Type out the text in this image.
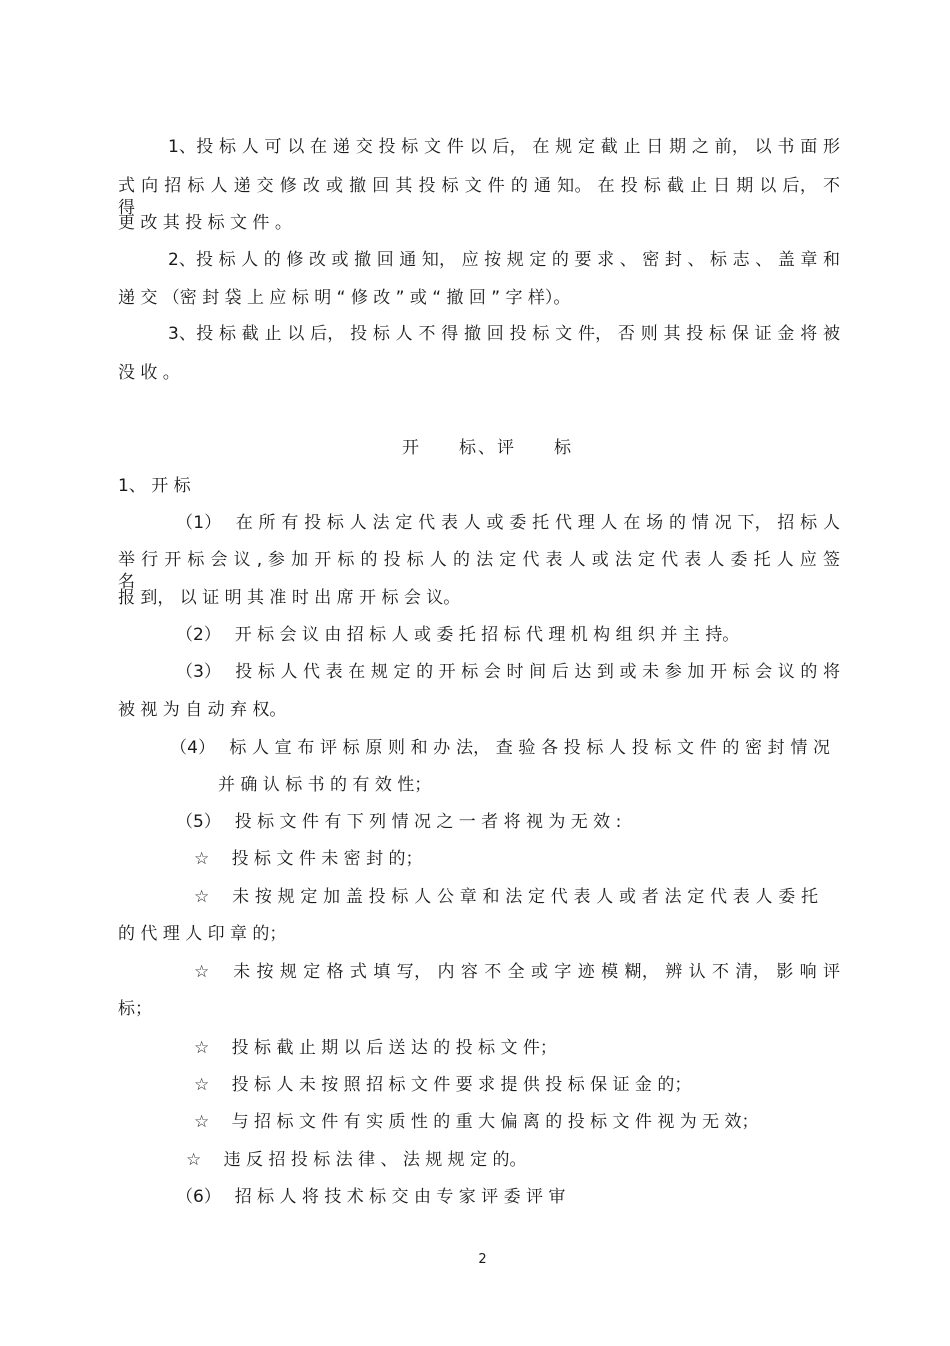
1、投 标 人 可 以 在 递 交 投 标 文 件 以 后， 在 规 定 截 止 日 期 之 前， 以 书 面 形
式 向 招 标 人 递 交 修 改 或 撤 回 其 投 标 文 件 的 通 知。 在 投 标 截 止 日 期 以 后， 不 得
更 改 其 投 标 文 件 。
2、投 标 人 的 修 改 或 撤 回 通 知， 应 按 规 定 的 要 求 、 密 封 、 标 志 、 盖 章 和
递 交 （密 封 袋 上 应 标 明 “ 修 改 ” 或 “ 撤 回 ” 字 样）。
3、投 标 截 止 以 后， 投 标 人 不 得 撤 回 投 标 文 件， 否 则 其 投 标 保 证 金 将 被
没 收 。
开　　标、评　　标
1、 开 标
（1）　 在 所 有 投 标 人 法 定 代 表 人 或 委 托 代 理 人 在 场 的 情 况 下， 招 标 人
举 行 开 标 会 议 , 参 加 开 标 的 投 标 人 的 法 定 代 表 人 或 法 定 代 表 人 委 托 人 应 签 名
报 到， 以 证 明 其 准 时 出 席 开 标 会 议。
（2）　 开 标 会 议 由 招 标 人 或 委 托 招 标 代 理 机 构 组 织 并 主 持。
（3）　 投 标 人 代 表 在 规 定 的 开 标 会 时 间 后 达 到 或 未 参 加 开 标 会 议 的 将
被 视 为 自 动 弃 权。
（4）　 标 人 宣 布 评 标 原 则 和 办 法， 查 验 各 投 标 人 投 标 文 件 的 密 封 情 况
并 确 认 标 书 的 有 效 性；
（5）　 投 标 文 件 有 下 列 情 况 之 一 者 将 视 为 无 效 :
☆　 投 标 文 件 未 密 封 的；
☆　 未 按 规 定 加 盖 投 标 人 公 章 和 法 定 代 表 人 或 者 法 定 代 表 人 委 托
的 代 理 人 印 章 的；
☆　 未 按 规 定 格 式 填 写， 内 容 不 全 或 字 迹 模 糊， 辨 认 不 清， 影 响 评
标；
☆　 投 标 截 止 期 以 后 送 达 的 投 标 文 件；
☆　 投 标 人 未 按 照 招 标 文 件 要 求 提 供 投 标 保 证 金 的；
☆　 与 招 标 文 件 有 实 质 性 的 重 大 偏 离 的 投 标 文 件 视 为 无 效；
☆　 违 反 招 投 标 法 律 、 法 规 规 定 的。
（6）　 招 标 人 将 技 术 标 交 由 专 家 评 委 评 审
2
